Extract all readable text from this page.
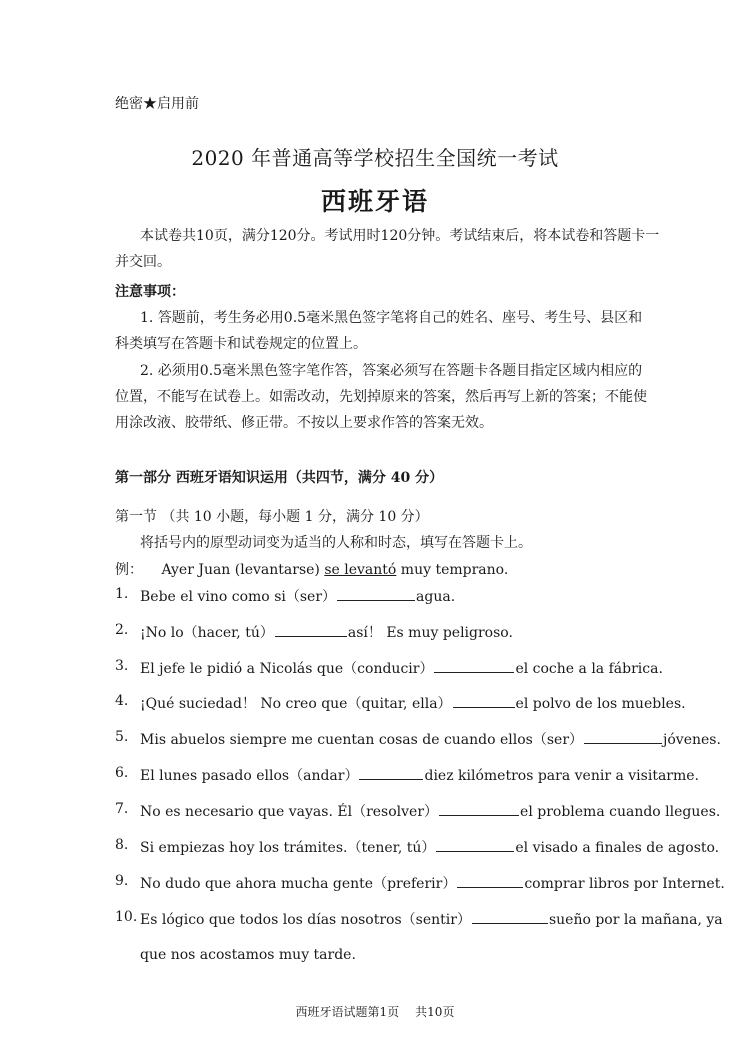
绝密★启用前
2020 年普通高等学校招生全国统一考试
西班牙语
本试卷共10页，满分120分。考试用时120分钟。考试结束后，将本试卷和答题卡一
并交回。
注意事项：
1. 答题前，考生务必用0.5毫米黑色签字笔将自己的姓名、座号、考生号、县区和
科类填写在答题卡和试卷规定的位置上。
2. 必须用0.5毫米黑色签字笔作答，答案必须写在答题卡各题目指定区域内相应的
位置，不能写在试卷上。如需改动，先划掉原来的答案，然后再写上新的答案；不能使
用涂改液、胶带纸、修正带。不按以上要求作答的答案无效。
第一部分 西班牙语知识运用（共四节，满分 40 分）
第一节 （共 10 小题，每小题 1 分，满分 10 分）
将括号内的原型动词变为适当的人称和时态，填写在答题卡上。
例： Ayer Juan (levantarse) se levantó muy temprano.
1. Bebe el vino como si（ser）	agua.
2. ¡No lo（hacer, tú）	así！ Es muy peligroso.
3. El jefe le pidió a Nicolás que（conducir）	el coche a la fábrica.
4. ¡Qué suciedad！ No creo que（quitar, ella）	el polvo de los muebles.
5. Mis abuelos siempre me cuentan cosas de cuando ellos（ser）	jóvenes.
6. El lunes pasado ellos（andar）	diez kilómetros para venir a visitarme.
7. No es necesario que vayas. Él（resolver）	el problema cuando llegues.
8. Si empiezas hoy los trámites.（tener, tú）	el visado a finales de agosto.
9. No dudo que ahora mucha gente（preferir）	comprar libros por Internet.
10. Es lógico que todos los días nosotros（sentir）	sueño por la mañana, ya
que nos acostamos muy tarde.
西班牙语试题第1页 共10页
